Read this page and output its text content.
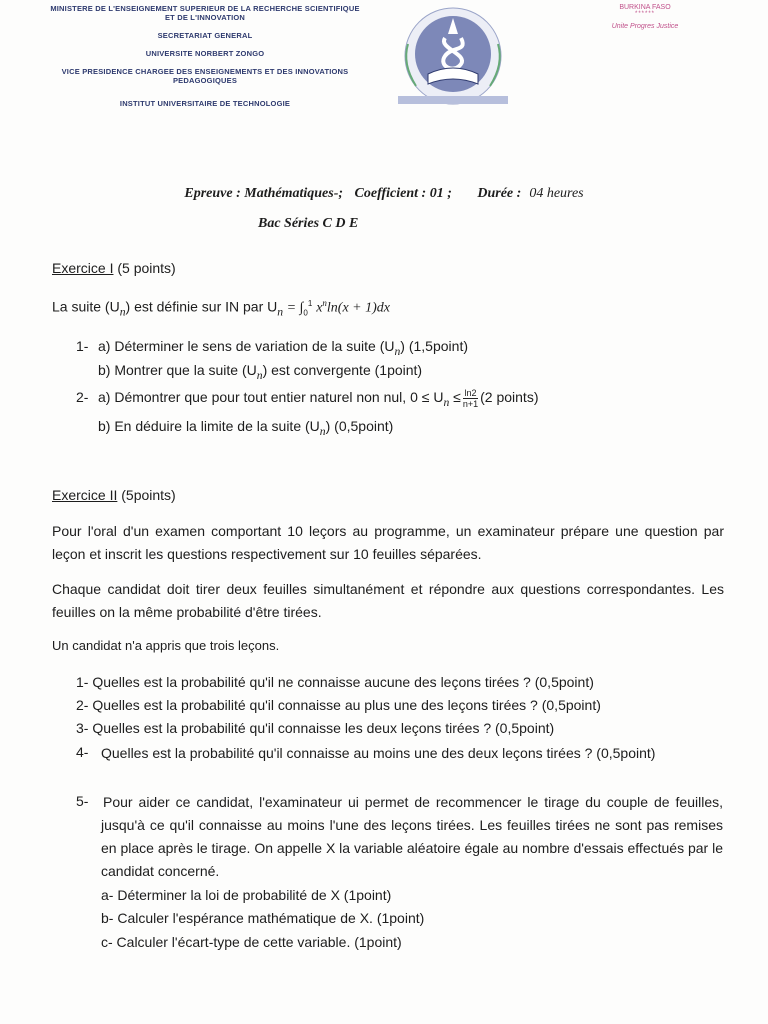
MINISTERE DE L'ENSEIGNEMENT SUPERIEUR DE LA RECHERCHE SCIENTIFIQUE
ET DE L'INNOVATION
SECRETARIAT GENERAL
UNIVERSITE NORBERT ZONGO
VICE PRESIDENCE CHARGEE DES ENSEIGNEMENTS ET DES INNOVATIONS
PEDAGOGIQUES
INSTITUT UNIVERSITAIRE DE TECHNOLOGIE
BURKINA FASO
******
Unite Progres Justice
Epreuve : Mathématiques-; Coefficient : 01 ; Durée : 04 heures
Bac Séries C D E
Exercice I (5 points)
La suite $(U_n)$ est définie sur IN par $U_n = \int_0^1$ $x^n\ln(x + 1)dx$
1- a) Déterminer le sens de variation de la suite $(U_n)$ (1,5point)
b) Montrer que la suite $(U_n)$ est convergente (1point)
2- a) Démontrer que pour tout entier naturel non nul, $0 \le U_n \le \frac{\ln 2}{n+1} (2$ points)
b) En déduire la limite de la suite $(U_n)$ (0,5point)
Exercice II (5points)
Pour l'oral d'un examen comportant 10 leçors au programme, un examinateur prépare une question par leçon et inscrit les questions respectivement sur 10 feuilles séparées.
Chaque candidat doit tirer deux feuilles simultanément et répondre aux questions correspondantes. Les feuilles on la même probabilité d'être tirées.
Un candidat n'a appris que trois leçons.
1- Quelles est la probabilité qu'il ne connaisse aucune des leçons tirées ? (0,5point)
2- Quelles est la probabilité qu'il connaisse au plus une des leçons tirées ? (0,5point)
3- Quelles est la probabilité qu'il connaisse les deux leçons tirées ? (0,5point)
4- Quelles est la probabilité qu'il connaisse au moins une des deux leçons tirées ? (0,5point)
5- Pour aider ce candidat, l'examinateur ui permet de recommencer le tirage du couple de feuilles, jusqu'à ce qu'il connaisse au moins l'une des leçons tirées. Les feuilles tirées ne sont pas remises en place après le tirage. On appelle X la variable aléatoire égale au nombre d'essais effectués par le candidat concerné.
a- Déterminer la loi de probabilité de X (1point)
b- Calculer l'espérance mathématique de X. (1point)
c- Calculer l'écart-type de cette variable. (1point)
